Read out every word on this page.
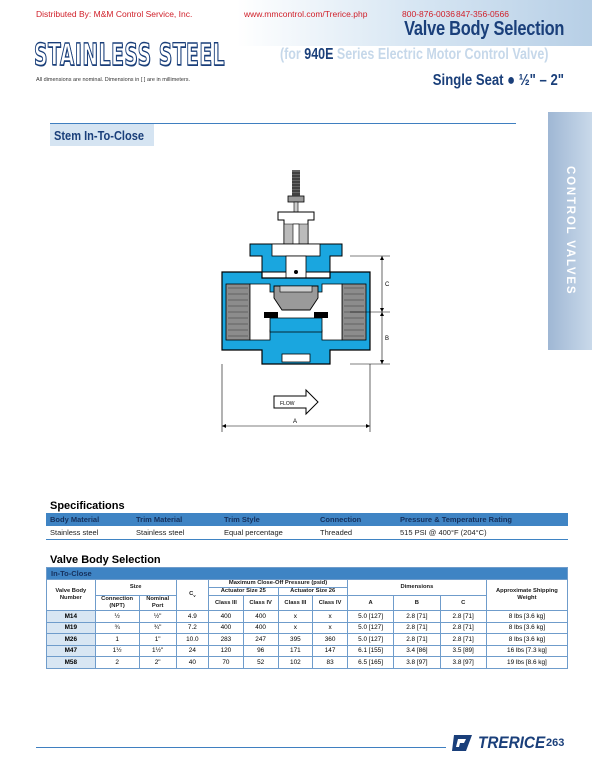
Distributed By: M&M Control Service, Inc.	www.mmcontrol.com/Trerice.php	800-876-0036 847-356-0566
Valve Body Selection
STAINLESS STEEL	(for 940E Series Electric Motor Control Valve)
All dimensions are nominal. Dimensions in [ ] are in millimeters.	Single Seat ● ½" – 2"
Stem In-To-Close
CONTROL VALVES
FLOW
C
B
A
Specifications
Body Material	Trim Material	Trim Style	Connection	Pressure & Temperature Rating
Stainless steel	Stainless steel	Equal percentage	Threaded	515 PSI @ 400°F (204°C)
Valve Body Selection
In-To-Close											
Valve Body Number	Size		$C_v$	Maximum Close-Off Pressure (psid)				Dimensions			Approximate Shipping Weight
				Actuator Size 25		Actuator Size 26					
	Connection (NPT)	Nominal Port		Class III	Class IV	Class III	Class IV	A	B	C	
M14	½	½"	4.9	400	400	x	x	5.0 [127]	2.8 [71]	2.8 [71]	8 lbs [3.6 kg]
M19	¾	¾"	7.2	400	400	x	x	5.0 [127]	2.8 [71]	2.8 [71]	8 lbs [3.6 kg]
M26	1	1"	10.0	283	247	395	360	5.0 [127]	2.8 [71]	2.8 [71]	8 lbs [3.6 kg]
M47	1½	1½"	24	120	96	171	147	6.1 [155]	3.4 [86]	3.5 [89]	16 lbs [7.3 kg]
M58	2	2"	40	70	52	102	83	6.5 [165]	3.8 [97]	3.8 [97]	19 lbs [8.6 kg]
TRERICE 263
